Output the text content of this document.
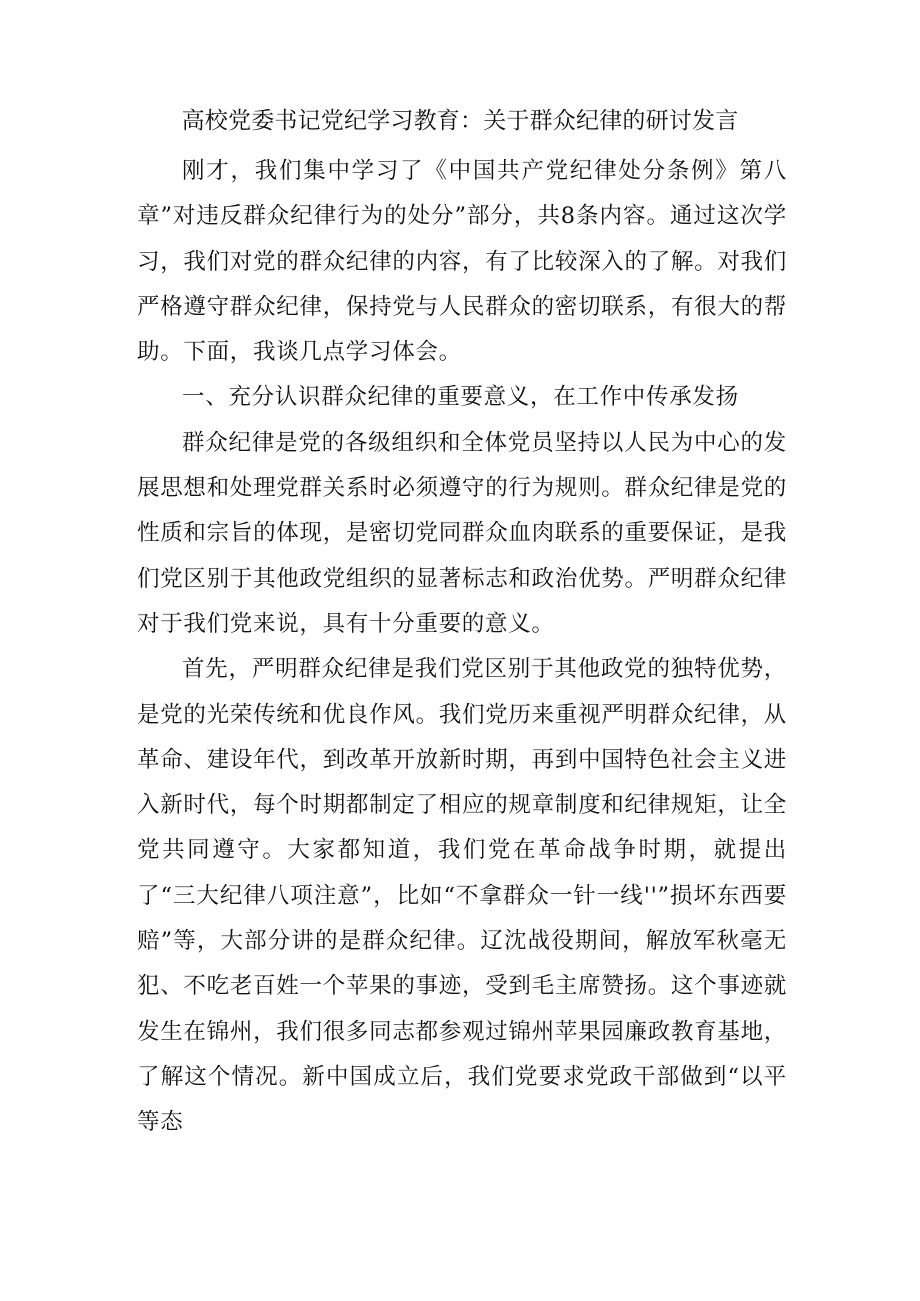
高校党委书记党纪学习教育：关于群众纪律的研讨发言

刚才，我们集中学习了《中国共产党纪律处分条例》第八章”对违反群众纪律行为的处分”部分，共8条内容。通过这次学习，我们对党的群众纪律的内容，有了比较深入的了解。对我们严格遵守群众纪律，保持党与人民群众的密切联系，有很大的帮助。下面，我谈几点学习体会。

一、充分认识群众纪律的重要意义，在工作中传承发扬

群众纪律是党的各级组织和全体党员坚持以人民为中心的发展思想和处理党群关系时必须遵守的行为规则。群众纪律是党的性质和宗旨的体现，是密切党同群众血肉联系的重要保证，是我们党区别于其他政党组织的显著标志和政治优势。严明群众纪律对于我们党来说，具有十分重要的意义。

首先，严明群众纪律是我们党区别于其他政党的独特优势，是党的光荣传统和优良作风。我们党历来重视严明群众纪律，从革命、建设年代，到改革开放新时期，再到中国特色社会主义进入新时代，每个时期都制定了相应的规章制度和纪律规矩，让全党共同遵守。大家都知道，我们党在革命战争时期，就提出了“三大纪律八项注意”，比如“不拿群众一针一线''”损坏东西要赔”等，大部分讲的是群众纪律。辽沈战役期间，解放军秋毫无犯、不吃老百姓一个苹果的事迹，受到毛主席赞扬。这个事迹就发生在锦州，我们很多同志都参观过锦州苹果园廉政教育基地，了解这个情况。新中国成立后，我们党要求党政干部做到“以平等态
